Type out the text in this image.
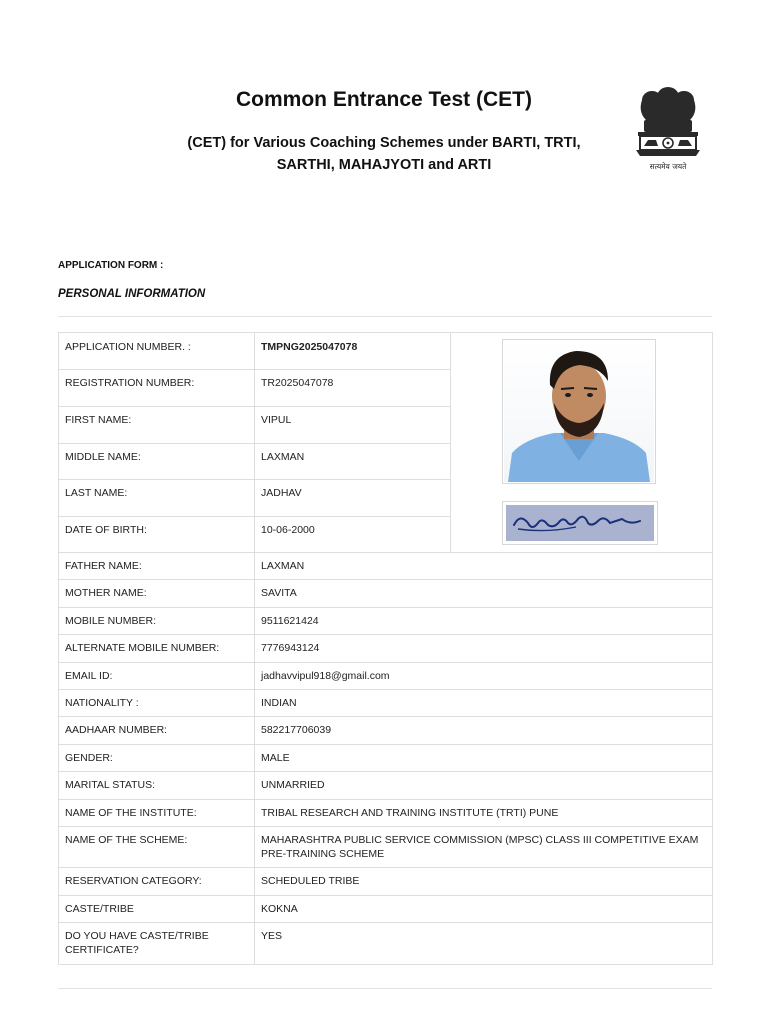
Common Entrance Test (CET)
(CET) for Various Coaching Schemes under BARTI, TRTI,
SARTHI, MAHAJYOTI and ARTI	सत्यमेव जयते
APPLICATION FORM :
PERSONAL INFORMATION
APPLICATION NUMBER. :	TMPNG2025047078

REGISTRATION NUMBER:	TR2025047078	

FIRST NAME:	VIPUL	

MIDDLE NAME:	LAXMAN	

LAST NAME:	JADHAV	

DATE OF BIRTH:	10-06-2000	

FATHER NAME:	LAXMAN	

MOTHER NAME:	SAVITA	

MOBILE NUMBER:	9511621424	

ALTERNATE MOBILE NUMBER:	7776943124	

EMAIL ID:	jadhavvipul918@gmail.com	

NATIONALITY :	INDIAN	

AADHAAR NUMBER:	582217706039	

GENDER:	MALE	

MARITAL STATUS:	UNMARRIED	

NAME OF THE INSTITUTE:	TRIBAL RESEARCH AND TRAINING INSTITUTE (TRTI) PUNE	

NAME OF THE SCHEME:	MAHARASHTRA PUBLIC SERVICE COMMISSION (MPSC) CLASS III COMPETITIVE EXAM PRE-TRAINING SCHEME	

RESERVATION CATEGORY:	SCHEDULED TRIBE	

CASTE/TRIBE	KOKNA	

DO YOU HAVE CASTE/TRIBE CERTIFICATE?	YES	
